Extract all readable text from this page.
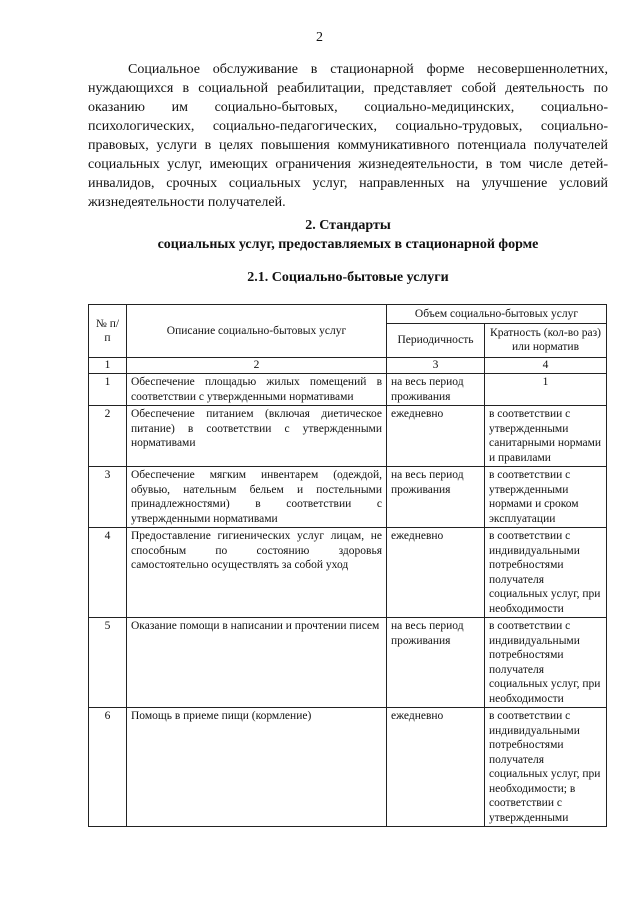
2

Социальное обслуживание в стационарной форме несовершеннолетних, нуждающихся в социальной реабилитации, представляет собой деятельность по оказанию им социально-бытовых, социально-медицинских, социально-психологических, социально-педагогических, социально-трудовых, социально-правовых, услуги в целях повышения коммуникативного потенциала получателей социальных услуг, имеющих ограничения жизнедеятельности, в том числе детей-инвалидов, срочных социальных услуг, направленных на улучшение условий жизнедеятельности получателей.

2. Стандарты
социальных услуг, предоставляемых в стационарной форме
2.1. Социально-бытовые услуги
№ п/п	Описание социально-бытовых услуг	Объем социально-бытовых услуг	
		Периодичность	Кратность (кол-во раз) или норматив
1	2	3	4
1	Обеспечение площадью жилых помещений в соответствии с утвержденными нормативами	на весь период проживания	1
2	Обеспечение питанием (включая диетическое питание) в соответствии с утвержденными нормативами	ежедневно	в соответствии с утвержденными санитарными нормами и правилами
3	Обеспечение мягким инвентарем (одеждой, обувью, нательным бельем и постельными принадлежностями) в соответствии с утвержденными нормативами	на весь период проживания	в соответствии с утвержденными нормами и сроком эксплуатации
4	Предоставление гигиенических услуг лицам, не способным по состоянию здоровья самостоятельно осуществлять за собой уход	ежедневно	в соответствии с индивидуальными потребностями получателя социальных услуг, при необходимости
5	Оказание помощи в написании и прочтении писем	на весь период проживания	в соответствии с индивидуальными потребностями получателя социальных услуг, при необходимости
6	Помощь в приеме пищи (кормление)	ежедневно	в соответствии с индивидуальными потребностями получателя социальных услуг, при необходимости; в соответствии с утвержденными
